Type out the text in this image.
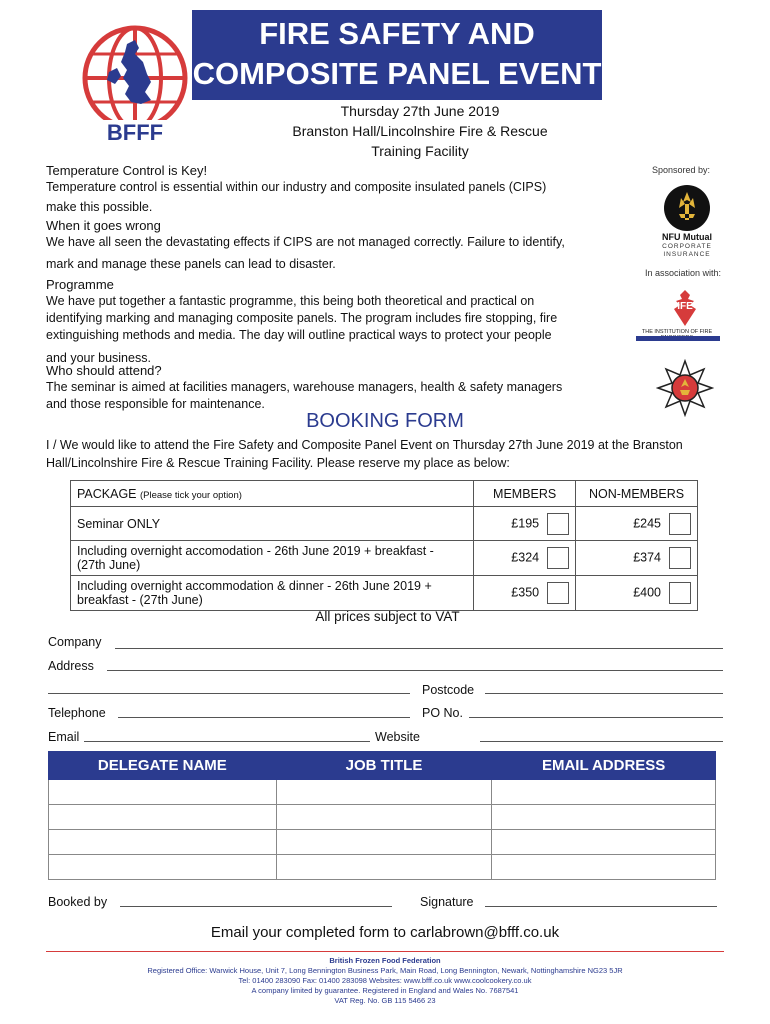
BFFF
FIRE SAFETY AND
COMPOSITE PANEL EVENT
Thursday 27th June 2019
Branston Hall/Lincolnshire Fire & Rescue
Training Facility
Temperature Control is Key!
Temperature control is essential within our industry and composite insulated panels (CIPS)
make this possible.
When it goes wrong
We have all seen the devastating effects if CIPS are not managed correctly. Failure to identify,
mark and manage these panels can lead to disaster.
Programme
We have put together a fantastic programme, this being both theoretical and practical on
identifying marking and managing composite panels. The program includes fire stopping, fire
extinguishing methods and media. The day will outline practical ways to protect your people
and your business.
Who should attend?
The seminar is aimed at facilities managers, warehouse managers, health & safety managers
and those responsible for maintenance.
Sponsored by:
NFU Mutual
CORPORATE
INSURANCE
In association with:
IFE
THE INSTITUTION OF FIRE
BOOKING FORM
I / We would like to attend the Fire Safety and Composite Panel Event on Thursday 27th June 2019 at the Branston
Hall/Lincolnshire Fire & Rescue Training Facility. Please reserve my place as below:
PACKAGE (Please tick your option)	MEMBERS	NON-MEMBERS

Seminar ONLY	£195	£245

Including overnight accomodation - 26th June 2019 + breakfast -
(27th June)	£324	£374

Including overnight accommodation & dinner - 26th June 2019 +
breakfast - (27th June)	£350	£400
All prices subject to VAT
Company
Address
Postcode
Telephone	PO No.
Email	Website
DELEGATE NAME	JOB TITLE	EMAIL ADDRESS

Booked by	Signature
Email your completed form to carlabrown@bfff.co.uk
British Frozen Food Federation
Registered Office: Warwick House, Unit 7, Long Bennington Business Park, Main Road, Long Bennington, Newark, Nottinghamshire NG23 5JR
Tel: 01400 283090 Fax: 01400 283098 Websites: www.bfff.co.uk www.coolcookery.co.uk
A company limited by guarantee. Registered in England and Wales No. 7687541
VAT Reg. No. GB 115 5466 23
